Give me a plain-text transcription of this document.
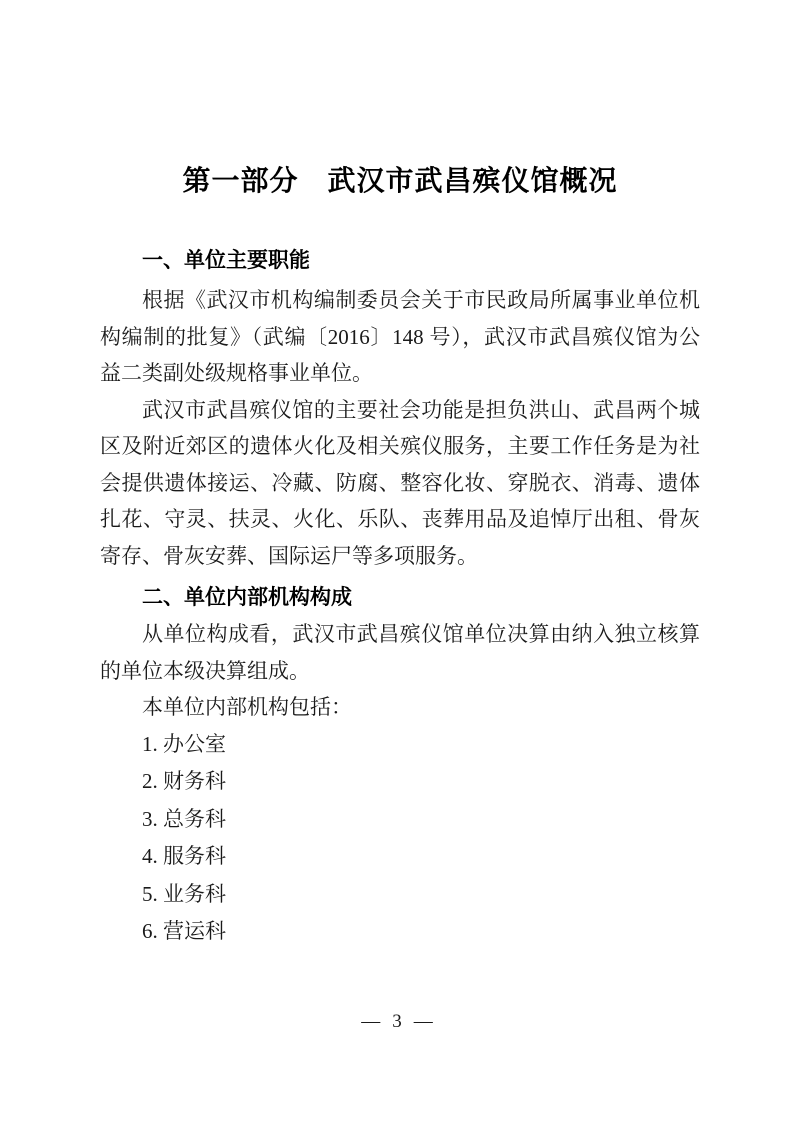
第一部分　武汉市武昌殡仪馆概况
一、单位主要职能

根据《武汉市机构编制委员会关于市民政局所属事业单位机构编制的批复》（武编〔2016〕148 号），武汉市武昌殡仪馆为公益二类副处级规格事业单位。

武汉市武昌殡仪馆的主要社会功能是担负洪山、武昌两个城区及附近郊区的遗体火化及相关殡仪服务，主要工作任务是为社会提供遗体接运、冷藏、防腐、整容化妆、穿脱衣、消毒、遗体扎花、守灵、扶灵、火化、乐队、丧葬用品及追悼厅出租、骨灰寄存、骨灰安葬、国际运尸等多项服务。

二、单位内部机构构成

从单位构成看，武汉市武昌殡仪馆单位决算由纳入独立核算的单位本级决算组成。

本单位内部机构包括：

1. 办公室
2. 财务科
3. 总务科
4. 服务科
5. 业务科
6. 营运科
— 3 —
